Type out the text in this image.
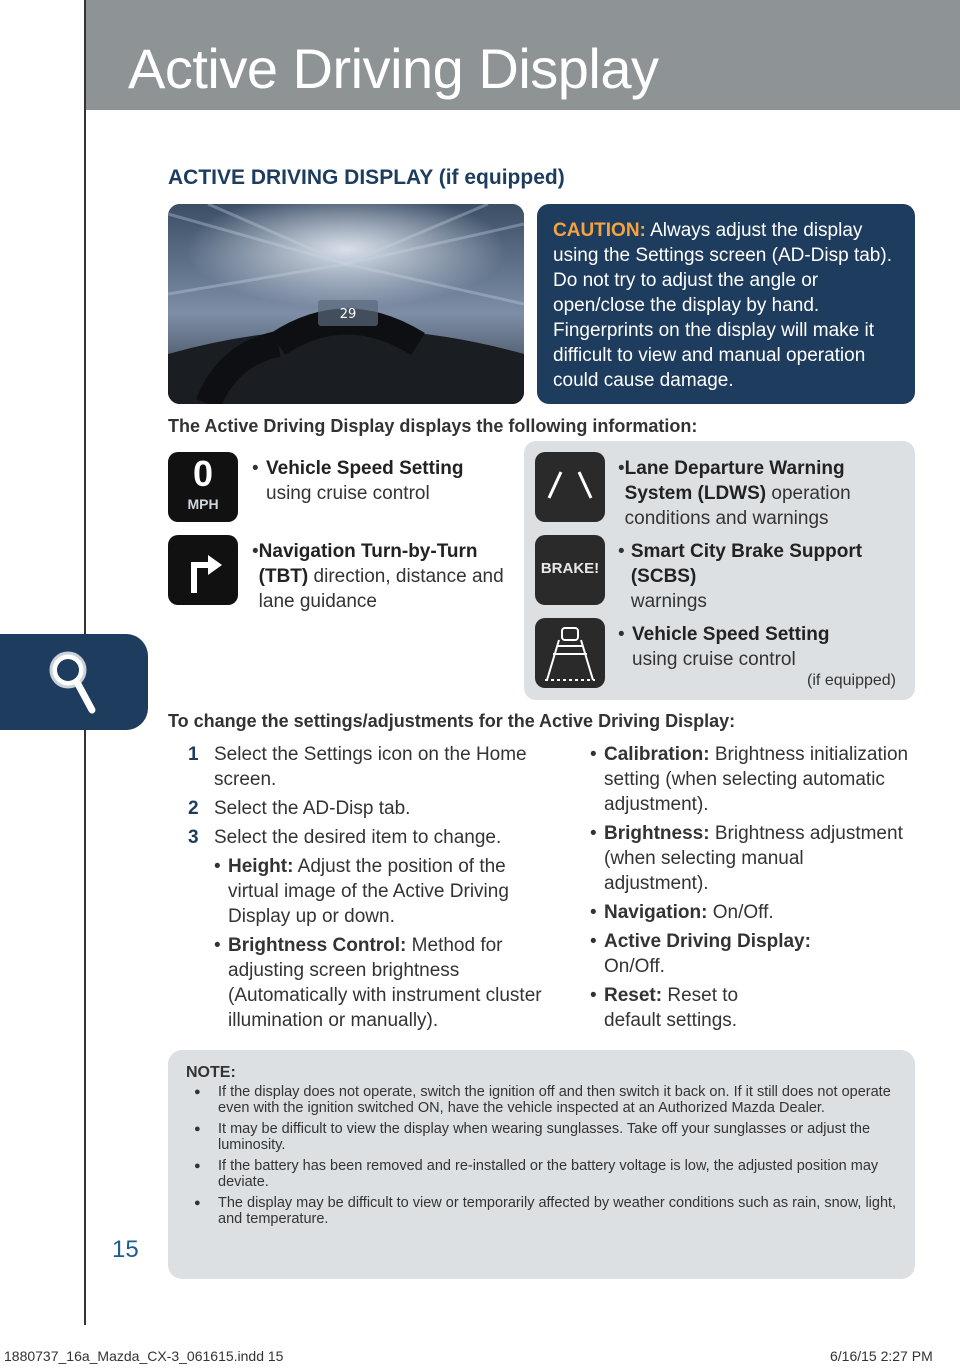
Active Driving Display
ACTIVE DRIVING DISPLAY (if equipped)
29
CAUTION: Always adjust the display using the Settings screen (AD-Disp tab). Do not try to adjust the angle or open/close the display by hand. Fingerprints on the display will make it difficult to view and manual operation could cause damage.
The Active Driving Display displays the following information:
0
MPH
• Vehicle Speed Setting
using cruise control
• Navigation Turn-by-Turn (TBT) direction, distance and lane guidance
• Lane Departure Warning System (LDWS) operation conditions and warnings
BRAKE!
• Smart City Brake Support (SCBS)
warnings
• Vehicle Speed Setting
using cruise control
(if equipped)
To change the settings/adjustments for the Active Driving Display:
1 Select the Settings icon on the Home screen.
2 Select the AD-Disp tab.
3 Select the desired item to change.
• Height: Adjust the position of the virtual image of the Active Driving Display up or down.
• Brightness Control: Method for adjusting screen brightness (Automatically with instrument cluster illumination or manually).
• Calibration: Brightness initialization setting (when selecting automatic adjustment).
• Brightness: Brightness adjustment (when selecting manual adjustment).
• Navigation: On/Off.
• Active Driving Display: On/Off.
• Reset: Reset to default settings.
NOTE:
● If the display does not operate, switch the ignition off and then switch it back on. If it still does not operate even with the ignition switched ON, have the vehicle inspected at an Authorized Mazda Dealer.
● It may be difficult to view the display when wearing sunglasses. Take off your sunglasses or adjust the luminosity.
● If the battery has been removed and re-installed or the battery voltage is low, the adjusted position may deviate.
● The display may be difficult to view or temporarily affected by weather conditions such as rain, snow, light, and temperature.
15
1880737_16a_Mazda_CX-3_061615.indd 15	6/16/15 2:27 PM
